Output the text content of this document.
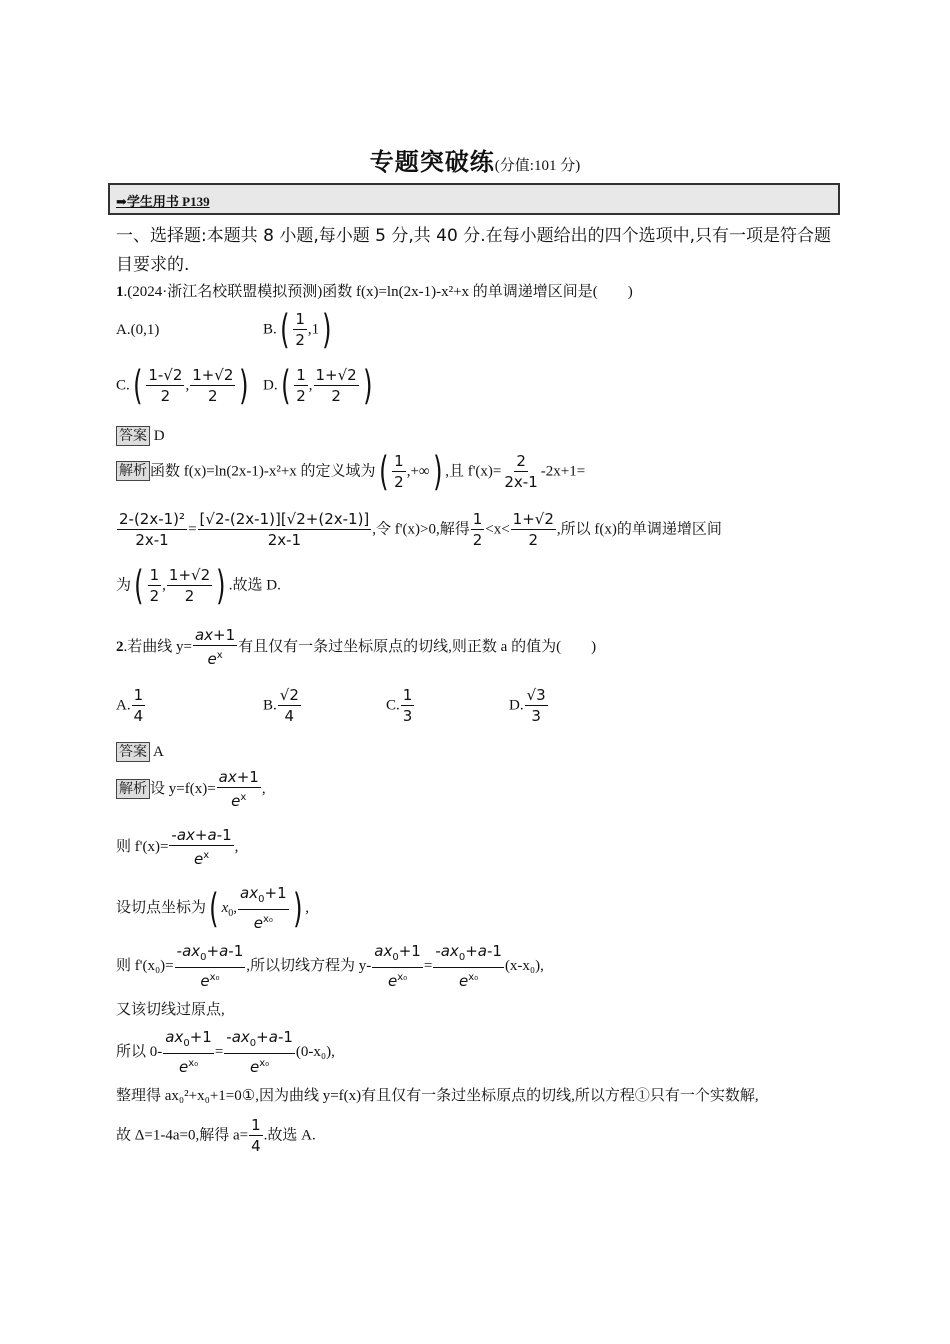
专题突破练(分值:101 分)
➡学生用书 P139
一、选择题:本题共 8 小题,每小题 5 分,共 40 分.在每小题给出的四个选项中,只有一项是符合题目要求的.
1.(2024·浙江名校联盟模拟预测)函数 f(x)=ln(2x-1)-x²+x 的单调递增区间是(　　)
A.(0,1)	$B.( \frac{1}{2} ,1)$
$C.( \frac{1-√2}{2}$ , $\frac{1+√2}{2}$ ) $D.( \frac{1}{2}$ , $\frac{1+√2}{2}$ )
答案 D
解析 函数 f(x)=ln(2x-1)-x²+x 的定义域为( $\frac{1}{2}$ ,+∞) ,且 $f'(x)= \frac{2}{2x-1} -2x+1=$
$\frac{\text{2-(2x-1)²}}{2x-1} = \frac{[√2-(2x-1)][√2+(2x-1)]}{2x-1}$ ,令 f'(x)>0,解得 $\frac{1}{2} <x< \frac{1+√2}{2}$ ,所以 f(x)的单调递增区间
为( $\frac{1}{2}$ , $\frac{1+√2}{2}$ ) .故选 D.
2.若曲线 $y= \frac{ax+1}{e^x}$ 有且仅有一条过坐标原点的切线,则正数 a 的值为(　　)
A. $\frac{1}{4}$	B. $\frac{√2}{4}$	C. $\frac{1}{3}$	D. $\frac{√3}{3}$
答案 A
解析 设 $y=f(x)= \frac{ax+1}{e^x}$ ,
则 $f'(x)= \frac{-ax+a-1}{e^x}$ ,
设切点坐标为( $x_0$, $\frac{ax_0+1}{e^{x_0}}$ ) ,
则 $f'(x_0)= \frac{-ax_0+a-1}{e^{x_0}}$ ,所以切线方程为 $y- \frac{ax_0+1}{e^{x_0}} = \frac{-ax_0+a-1}{e^{x_0}} (x-x_0)$,
又该切线过原点,
所以 $0- \frac{ax_0+1}{e^{x_0}} = \frac{-ax_0+a-1}{e^{x_0}} (0-x_0)$,
整理得 ax₀²+x₀+1=0①,因为曲线 y=f(x)有且仅有一条过坐标原点的切线,所以方程①只有一个实数解,
故 Δ=1-4a=0,解得 $a= \frac{1}{4}$ .故选 A.
